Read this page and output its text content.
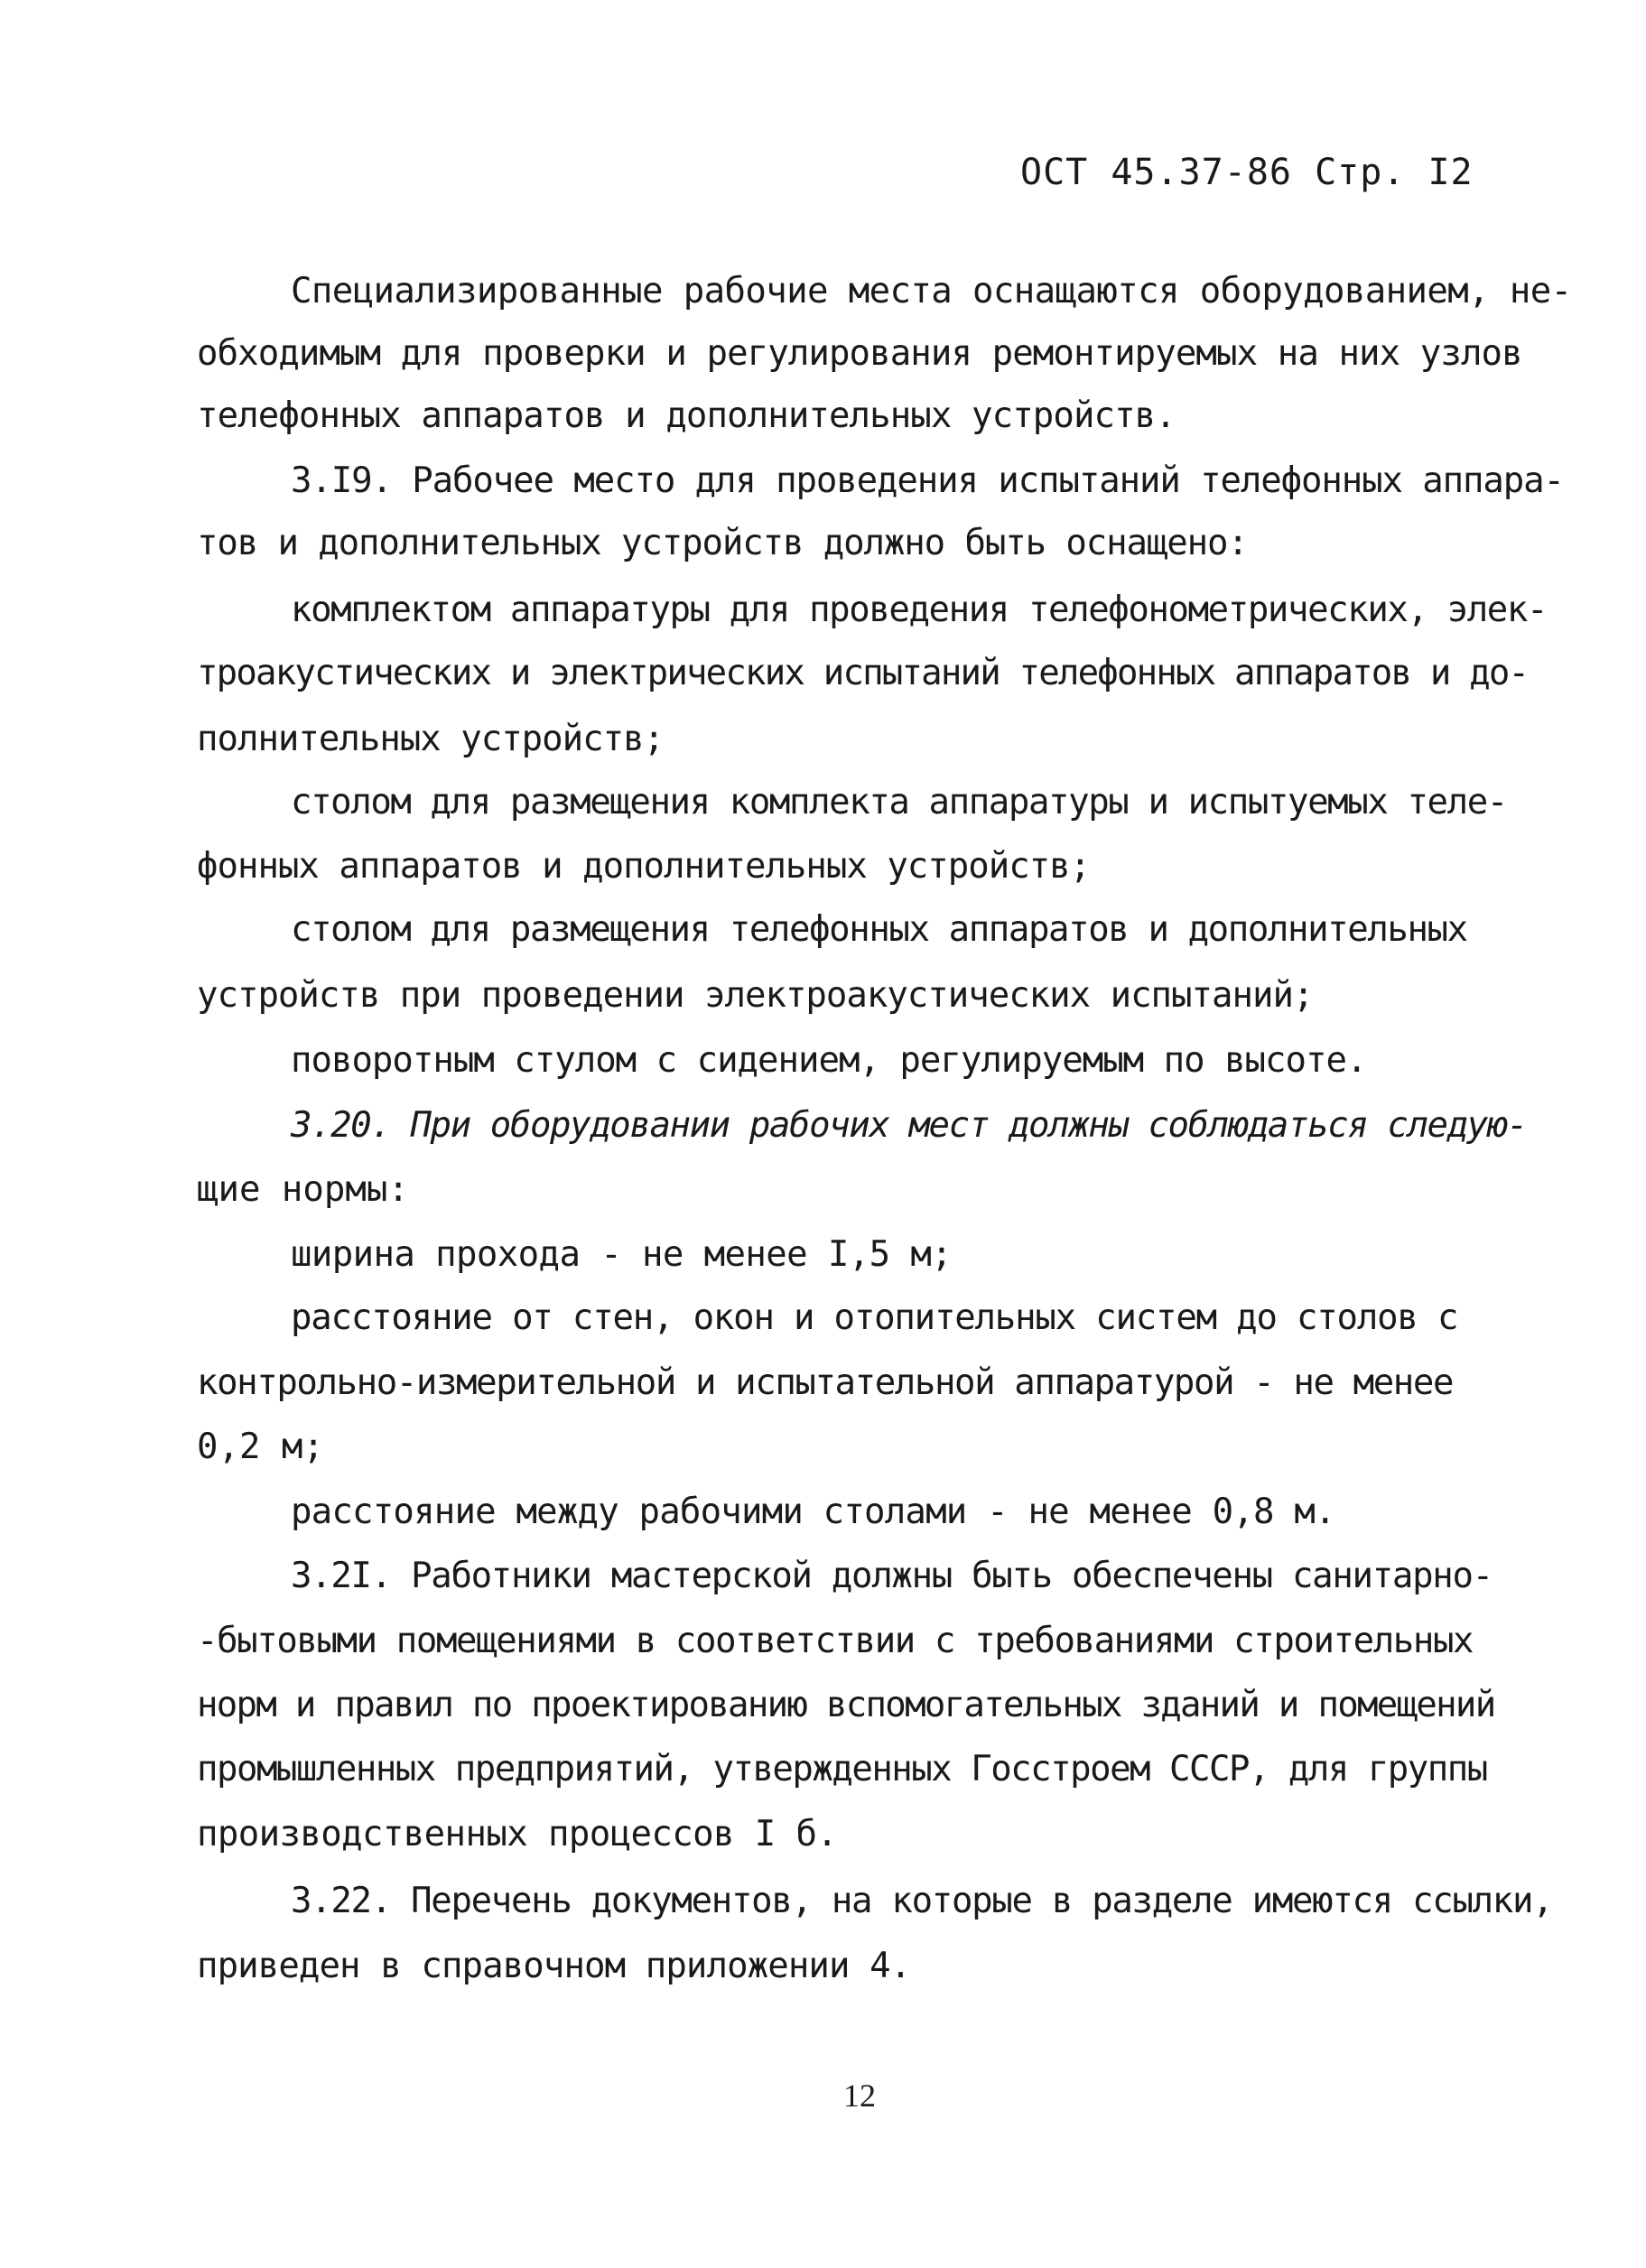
ОСТ 45.37-86 Стр. I2
Специализированные рабочие места оснащаются оборудованием, не-
обходимым для проверки и регулирования ремонтируемых на них узлов
телефонных аппаратов и дополнительных устройств.
3.I9. Рабочее место для проведения испытаний телефонных аппара-
тов и дополнительных устройств должно быть оснащено:
комплектом аппаратуры для проведения телефонометрических, элек-
троакустических и электрических испытаний телефонных аппаратов и до-
полнительных устройств;
столом для размещения комплекта аппаратуры и испытуемых теле-
фонных аппаратов и дополнительных устройств;
столом для размещения телефонных аппаратов и дополнительных
устройств при проведении электроакустических испытаний;
поворотным стулом с сидением, регулируемым по высоте.
3.20. При оборудовании рабочих мест должны соблюдаться следую-
щие нормы:
ширина прохода - не менее I,5 м;
расстояние от стен, окон и отопительных систем до столов с
контрольно-измерительной и испытательной аппаратурой - не менее
0,2 м;
расстояние между рабочими столами - не менее 0,8 м.
3.2I. Работники мастерской должны быть обеспечены санитарно-
-бытовыми помещениями в соответствии с требованиями строительных
норм и правил по проектированию вспомогательных зданий и помещений
промышленных предприятий, утвержденных Госстроем СССР, для группы
производственных процессов I б.
3.22. Перечень документов, на которые в разделе имеются ссылки,
приведен в справочном приложении 4.
12
